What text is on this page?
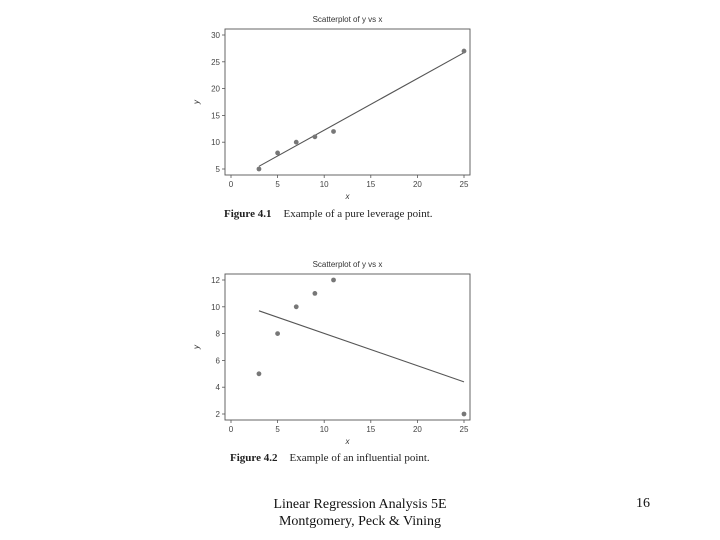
Scatterplot of y vs x
0	5	10	15	20	25
5
10
15
20
25
30
x
y
Scatterplot of y vs x
0	5	10	15	20	25
2
4
6
8
10
12
x
y
Figure 4.1 Example of a pure leverage point.
Figure 4.2 Example of an influential point.
Linear Regression Analysis 5E
Montgomery, Peck & Vining
16
